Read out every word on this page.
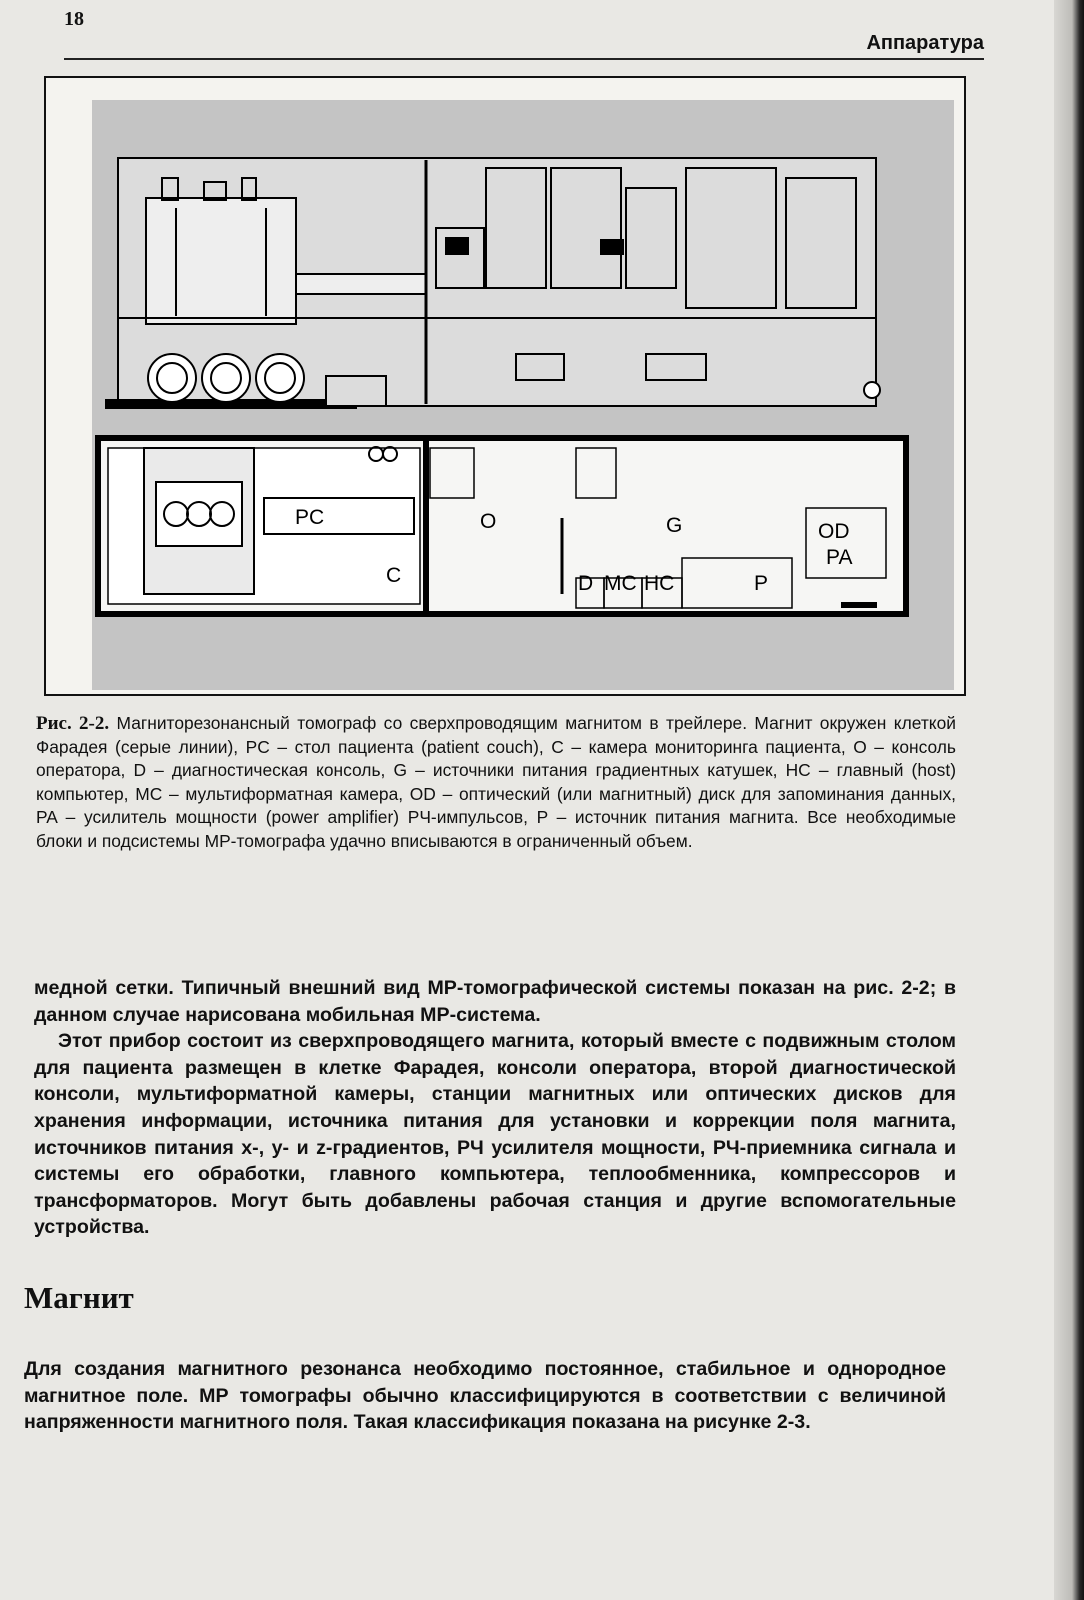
18
Аппаратура
PC
C
O	G	OD
PA
D MC HC	P
Рис. 2-2. Магниторезонансный томограф со сверхпроводящим магнитом в трейлере. Магнит окружен клеткой Фарадея (серые линии), PC – стол пациента (patient couch), C – камера мониторинга пациента, O – консоль оператора, D – диагностическая консоль, G – источники питания градиентных катушек, HC – главный (host) компьютер, MC – мультиформатная камера, OD – оптический (или магнитный) диск для запоминания данных, PA – усилитель мощности (power amplifier) РЧ-импульсов, P – источник питания магнита. Все необходимые блоки и подсистемы МР-томографа удачно вписываются в ограниченный объем.

медной сетки. Типичный внешний вид МР-томографической системы показан на рис. 2-2; в данном случае нарисована мобильная МР-система.

Этот прибор состоит из сверхпроводящего магнита, который вместе с подвижным столом для пациента размещен в клетке Фарадея, консоли оператора, второй диагностической консоли, мультиформатной камеры, станции магнитных или оптических дисков для хранения информации, источника питания для установки и коррекции поля магнита, источников питания x-, y- и z-градиентов, РЧ усилителя мощности, РЧ-приемника сигнала и системы его обработки, главного компьютера, теплообменника, компрессоров и трансформаторов. Могут быть добавлены рабочая станция и другие вспомогательные устройства.

Магнит
Для создания магнитного резонанса необходимо постоянное, стабильное и однородное магнитное поле. МР томографы обычно классифицируются в соответствии с величиной напряженности магнитного поля. Такая классификация показана на рисунке 2-3.
